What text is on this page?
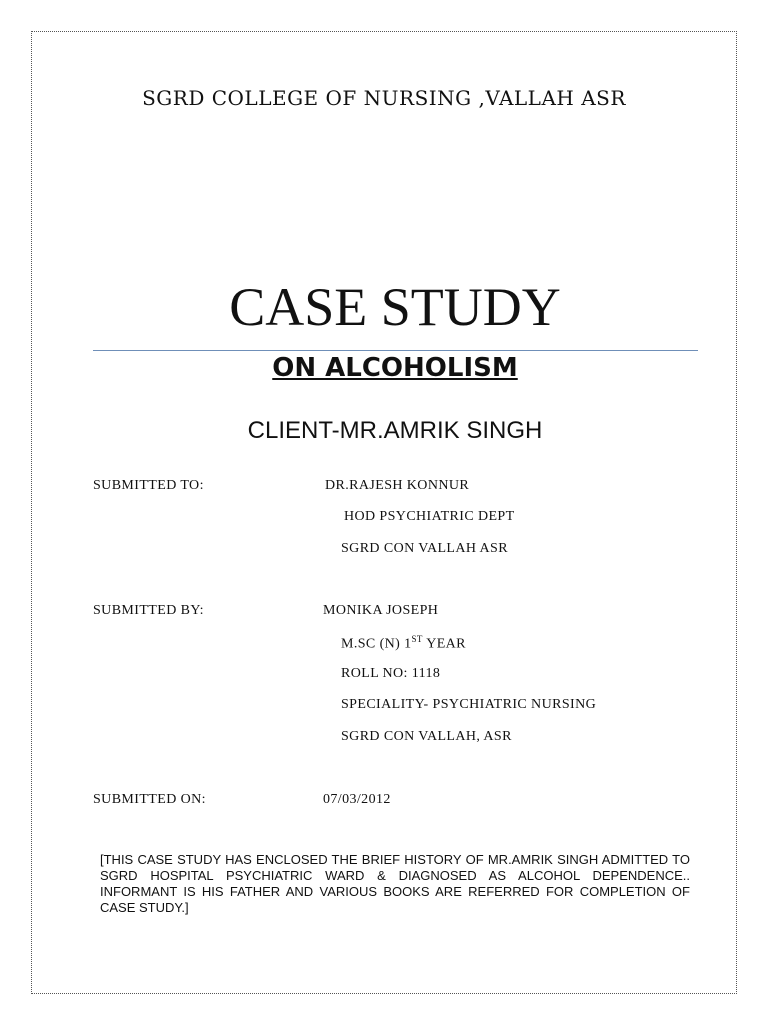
SGRD COLLEGE OF NURSING ,VALLAH ASR
CASE STUDY
ON ALCOHOLISM
CLIENT-MR.AMRIK SINGH
SUBMITTED TO:	DR.RAJESH KONNUR
HOD PSYCHIATRIC DEPT
SGRD CON VALLAH ASR
SUBMITTED BY:	MONIKA JOSEPH
M.SC (N) 1ST YEAR
ROLL NO: 1118
SPECIALITY- PSYCHIATRIC NURSING
SGRD CON VALLAH, ASR
SUBMITTED ON:	07/03/2012
[THIS CASE STUDY HAS ENCLOSED THE BRIEF HISTORY OF MR.AMRIK SINGH ADMITTED TO SGRD HOSPITAL PSYCHIATRIC WARD & DIAGNOSED AS ALCOHOL DEPENDENCE.. INFORMANT IS HIS FATHER AND VARIOUS BOOKS ARE REFERRED FOR COMPLETION OF CASE STUDY.]
